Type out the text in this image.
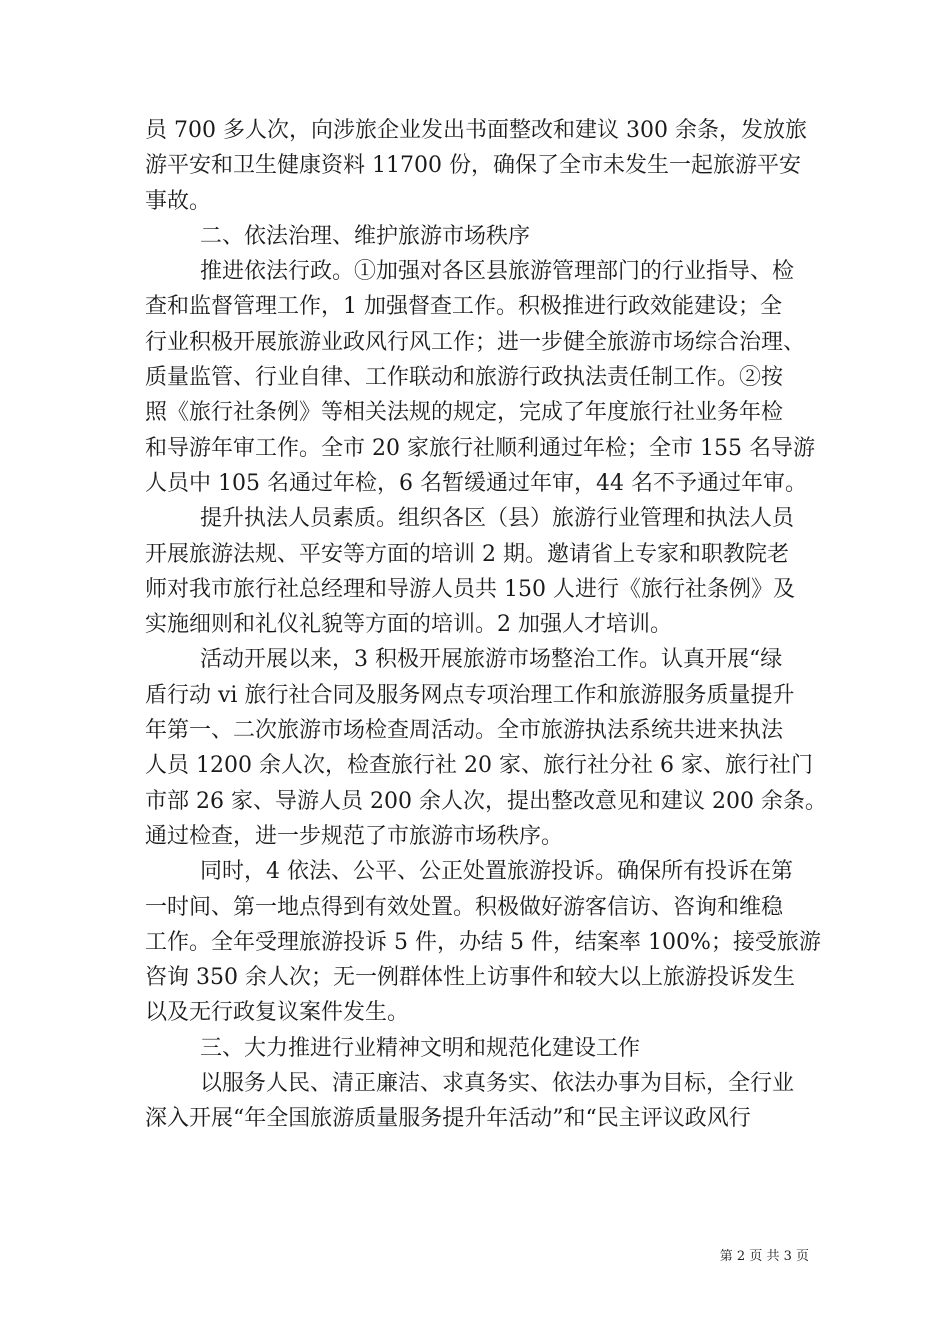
员 700 多人次，向涉旅企业发出书面整改和建议 300 余条，发放旅
游平安和卫生健康资料 11700 份，确保了全市未发生一起旅游平安
事故。
二、依法治理、维护旅游市场秩序
推进依法行政。①加强对各区县旅游管理部门的行业指导、检
查和监督管理工作，1 加强督查工作。积极推进行政效能建设；全
行业积极开展旅游业政风行风工作；进一步健全旅游市场综合治理、
质量监管、行业自律、工作联动和旅游行政执法责任制工作。②按
照《旅行社条例》等相关法规的规定，完成了年度旅行社业务年检
和导游年审工作。全市 20 家旅行社顺利通过年检；全市 155 名导游
人员中 105 名通过年检，6 名暂缓通过年审，44 名不予通过年审。
提升执法人员素质。组织各区（县）旅游行业管理和执法人员
开展旅游法规、平安等方面的培训 2 期。邀请省上专家和职教院老
师对我市旅行社总经理和导游人员共 150 人进行《旅行社条例》及
实施细则和礼仪礼貌等方面的培训。2 加强人才培训。
活动开展以来，3 积极开展旅游市场整治工作。认真开展“绿
盾行动 vi 旅行社合同及服务网点专项治理工作和旅游服务质量提升
年第一、二次旅游市场检查周活动。全市旅游执法系统共进来执法
人员 1200 余人次，检查旅行社 20 家、旅行社分社 6 家、旅行社门
市部 26 家、导游人员 200 余人次，提出整改意见和建议 200 余条。
通过检查，进一步规范了市旅游市场秩序。
同时，4 依法、公平、公正处置旅游投诉。确保所有投诉在第
一时间、第一地点得到有效处置。积极做好游客信访、咨询和维稳
工作。全年受理旅游投诉 5 件，办结 5 件，结案率 100%；接受旅游
咨询 350 余人次；无一例群体性上访事件和较大以上旅游投诉发生
以及无行政复议案件发生。
三、大力推进行业精神文明和规范化建设工作
以服务人民、清正廉洁、求真务实、依法办事为目标，全行业
深入开展“年全国旅游质量服务提升年活动”和“民主评议政风行
第 2 页 共 3 页
